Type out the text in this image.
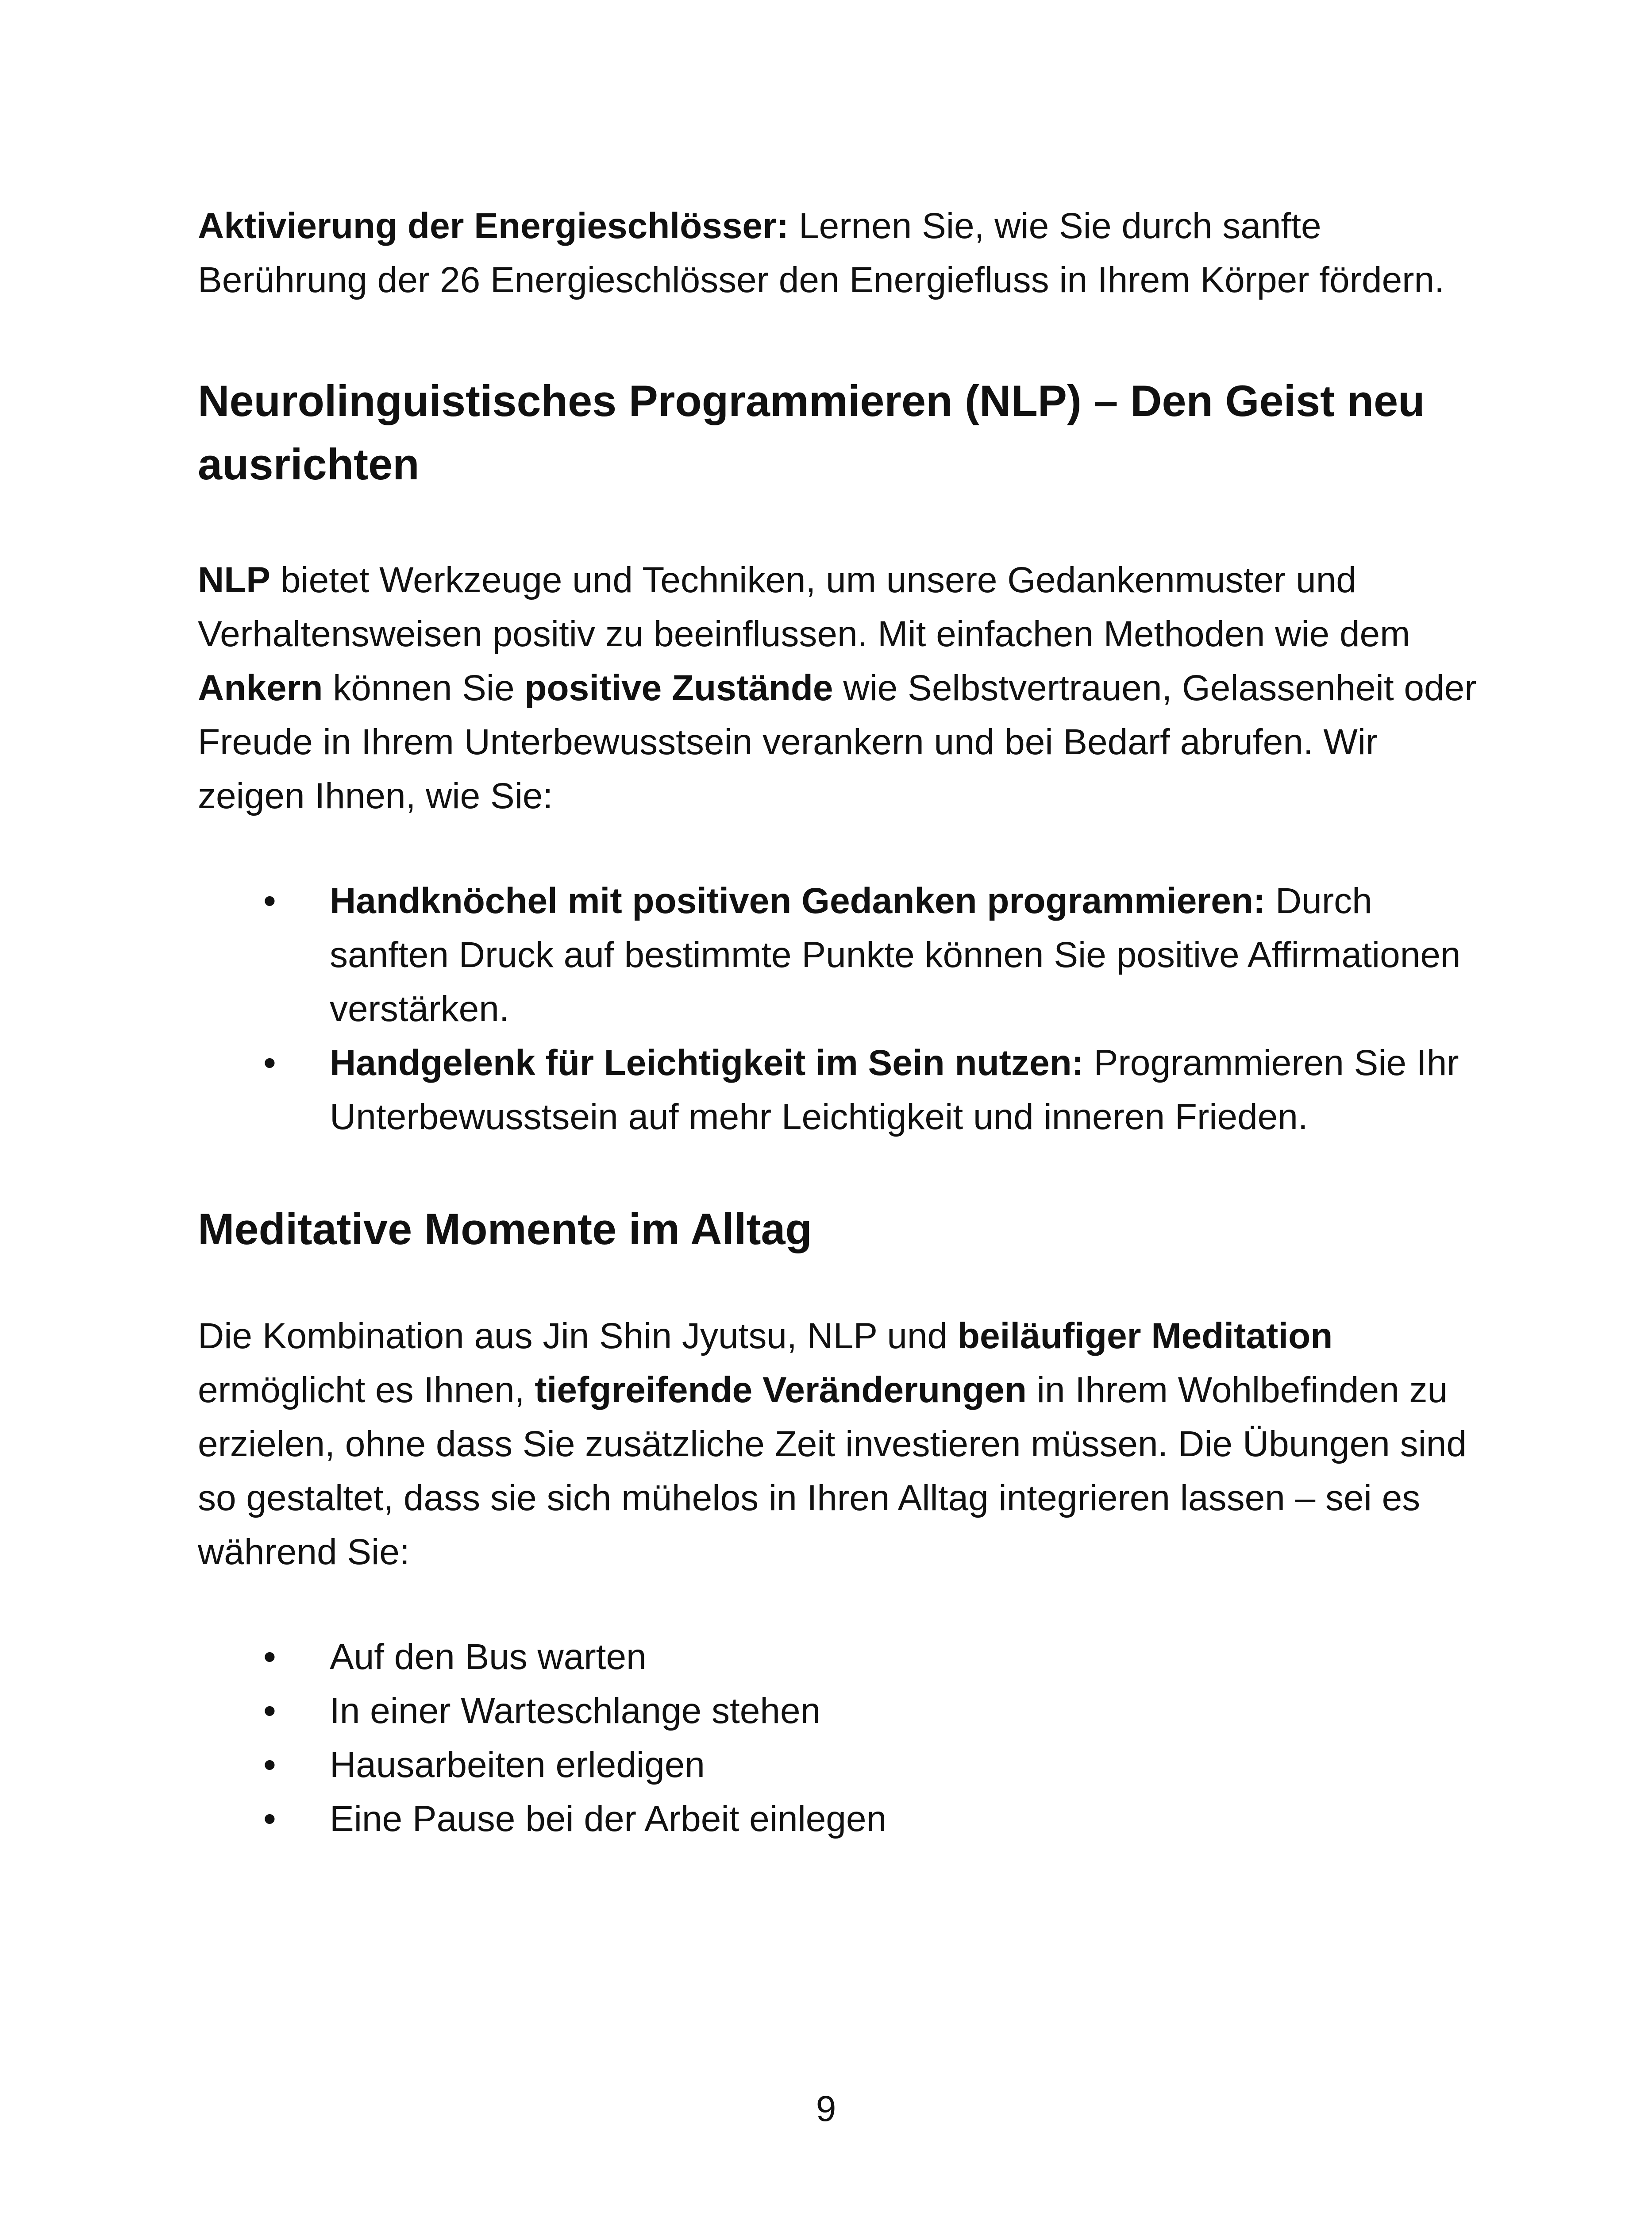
Aktivierung der Energieschlösser: Lernen Sie, wie Sie durch sanfte Berührung der 26 Energieschlösser den Energiefluss in Ihrem Körper fördern.

Neurolinguistisches Programmieren (NLP) – Den Geist neu ausrichten

NLP bietet Werkzeuge und Techniken, um unsere Gedankenmuster und Verhaltensweisen positiv zu beeinflussen. Mit einfachen Methoden wie dem Ankern können Sie positive Zustände wie Selbstvertrauen, Gelassenheit oder Freude in Ihrem Unterbewusstsein verankern und bei Bedarf abrufen. Wir zeigen Ihnen, wie Sie:

•	Handknöchel mit positiven Gedanken programmieren: Durch sanften Druck auf bestimmte Punkte können Sie positive Affirmationen verstärken.
•	Handgelenk für Leichtigkeit im Sein nutzen: Programmieren Sie Ihr Unterbewusstsein auf mehr Leichtigkeit und inneren Frieden.
Meditative Momente im Alltag

Die Kombination aus Jin Shin Jyutsu, NLP und beiläufiger Meditation ermöglicht es Ihnen, tiefgreifende Veränderungen in Ihrem Wohlbefinden zu erzielen, ohne dass Sie zusätzliche Zeit investieren müssen. Die Übungen sind so gestaltet, dass sie sich mühelos in Ihren Alltag integrieren lassen – sei es während Sie:

•	Auf den Bus warten
•	In einer Warteschlange stehen
•	Hausarbeiten erledigen
•	Eine Pause bei der Arbeit einlegen
9
